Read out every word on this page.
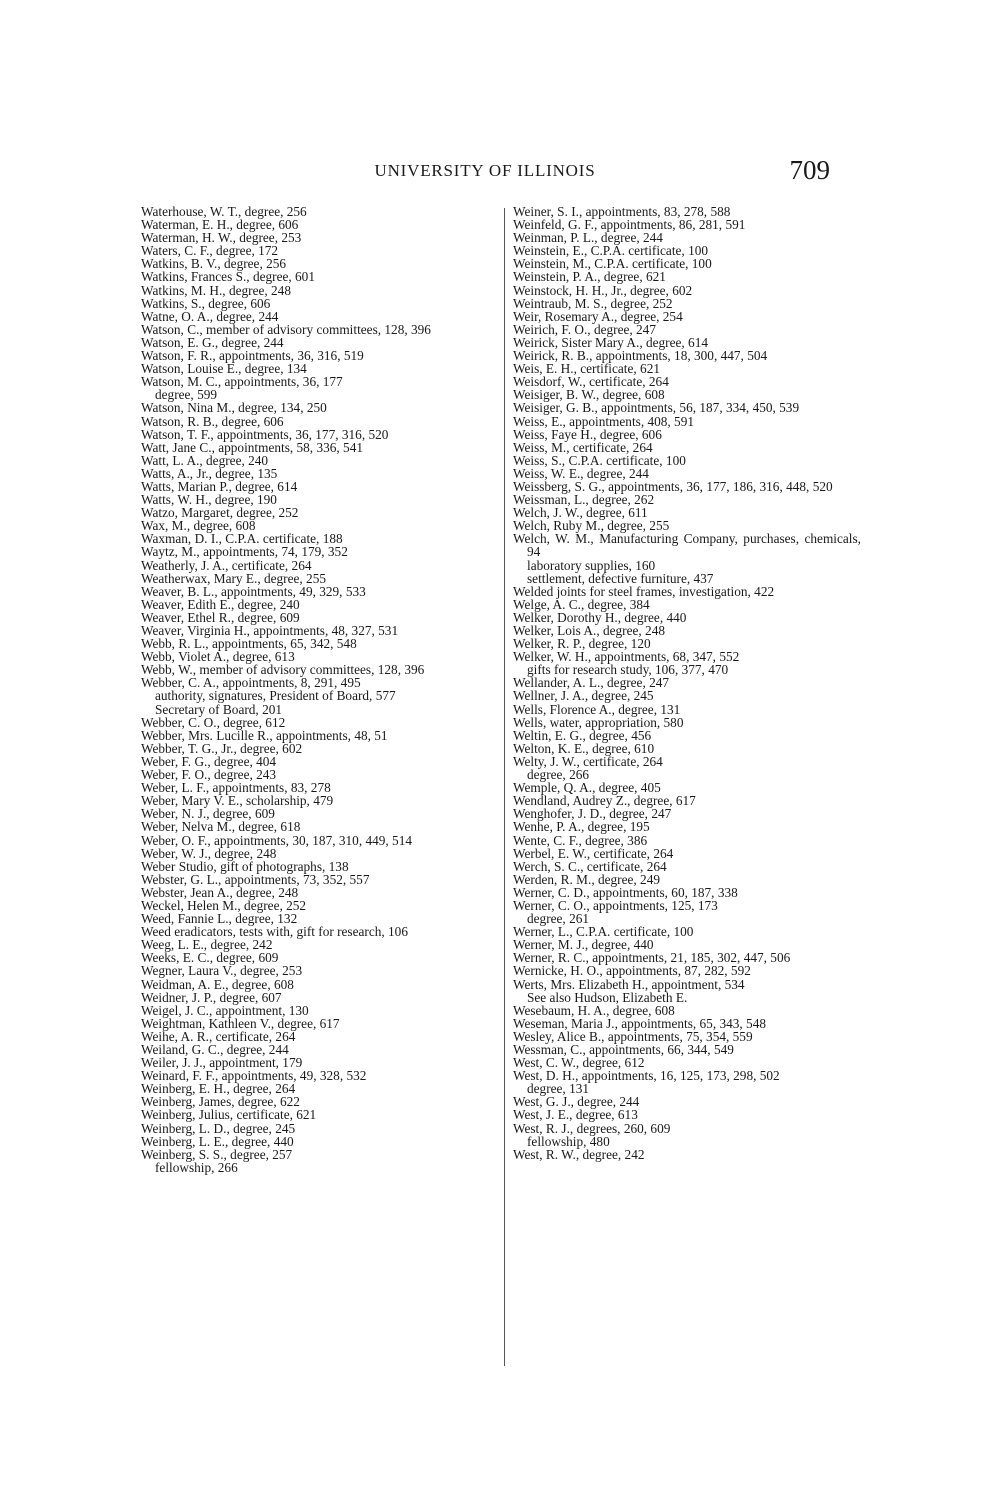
UNIVERSITY OF ILLINOIS	709
Waterhouse, W. T., degree, 256
Waterman, E. H., degree, 606
Waterman, H. W., degree, 253
Waters, C. F., degree, 172
Watkins, B. V., degree, 256
Watkins, Frances S., degree, 601
Watkins, M. H., degree, 248
Watkins, S., degree, 606
Watne, O. A., degree, 244
Watson, C., member of advisory committees, 128, 396
Watson, E. G., degree, 244
Watson, F. R., appointments, 36, 316, 519
Watson, Louise E., degree, 134
Watson, M. C., appointments, 36, 177
degree, 599
Watson, Nina M., degree, 134, 250
Watson, R. B., degree, 606
Watson, T. F., appointments, 36, 177, 316, 520
Watt, Jane C., appointments, 58, 336, 541
Watt, L. A., degree, 240
Watts, A., Jr., degree, 135
Watts, Marian P., degree, 614
Watts, W. H., degree, 190
Watzo, Margaret, degree, 252
Wax, M., degree, 608
Waxman, D. I., C.P.A. certificate, 188
Waytz, M., appointments, 74, 179, 352
Weatherly, J. A., certificate, 264
Weatherwax, Mary E., degree, 255
Weaver, B. L., appointments, 49, 329, 533
Weaver, Edith E., degree, 240
Weaver, Ethel R., degree, 609
Weaver, Virginia H., appointments, 48, 327, 531
Webb, R. L., appointments, 65, 342, 548
Webb, Violet A., degree, 613
Webb, W., member of advisory committees, 128, 396
Webber, C. A., appointments, 8, 291, 495
authority, signatures, President of Board, 577
Secretary of Board, 201
Webber, C. O., degree, 612
Webber, Mrs. Lucille R., appointments, 48, 51
Webber, T. G., Jr., degree, 602
Weber, F. G., degree, 404
Weber, F. O., degree, 243
Weber, L. F., appointments, 83, 278
Weber, Mary V. E., scholarship, 479
Weber, N. J., degree, 609
Weber, Nelva M., degree, 618
Weber, O. F., appointments, 30, 187, 310, 449, 514
Weber, W. J., degree, 248
Weber Studio, gift of photographs, 138
Webster, G. L., appointments, 73, 352, 557
Webster, Jean A., degree, 248
Weckel, Helen M., degree, 252
Weed, Fannie L., degree, 132
Weed eradicators, tests with, gift for research, 106
Weeg, L. E., degree, 242
Weeks, E. C., degree, 609
Wegner, Laura V., degree, 253
Weidman, A. E., degree, 608
Weidner, J. P., degree, 607
Weigel, J. C., appointment, 130
Weightman, Kathleen V., degree, 617
Weihe, A. R., certificate, 264
Weiland, G. C., degree, 244
Weiler, J. J., appointment, 179
Weinard, F. F., appointments, 49, 328, 532
Weinberg, E. H., degree, 264
Weinberg, James, degree, 622
Weinberg, Julius, certificate, 621
Weinberg, L. D., degree, 245
Weinberg, L. E., degree, 440
Weinberg, S. S., degree, 257
fellowship, 266
Weiner, S. I., appointments, 83, 278, 588
Weinfeld, G. F., appointments, 86, 281, 591
Weinman, P. L., degree, 244
Weinstein, E., C.P.A. certificate, 100
Weinstein, M., C.P.A. certificate, 100
Weinstein, P. A., degree, 621
Weinstock, H. H., Jr., degree, 602
Weintraub, M. S., degree, 252
Weir, Rosemary A., degree, 254
Weirich, F. O., degree, 247
Weirick, Sister Mary A., degree, 614
Weirick, R. B., appointments, 18, 300, 447, 504
Weis, E. H., certificate, 621
Weisdorf, W., certificate, 264
Weisiger, B. W., degree, 608
Weisiger, G. B., appointments, 56, 187, 334, 450, 539
Weiss, E., appointments, 408, 591
Weiss, Faye H., degree, 606
Weiss, M., certificate, 264
Weiss, S., C.P.A. certificate, 100
Weiss, W. E., degree, 244
Weissberg, S. G., appointments, 36, 177, 186, 316, 448, 520
Weissman, L., degree, 262
Welch, J. W., degree, 611
Welch, Ruby M., degree, 255
Welch, W. M., Manufacturing Company, purchases, chemicals, 94
laboratory supplies, 160
settlement, defective furniture, 437
Welded joints for steel frames, investigation, 422
Welge, A. C., degree, 384
Welker, Dorothy H., degree, 440
Welker, Lois A., degree, 248
Welker, R. P., degree, 120
Welker, W. H., appointments, 68, 347, 552
gifts for research study, 106, 377, 470
Wellander, A. L., degree, 247
Wellner, J. A., degree, 245
Wells, Florence A., degree, 131
Wells, water, appropriation, 580
Weltin, E. G., degree, 456
Welton, K. E., degree, 610
Welty, J. W., certificate, 264
degree, 266
Wemple, Q. A., degree, 405
Wendland, Audrey Z., degree, 617
Wenghofer, J. D., degree, 247
Wenhe, P. A., degree, 195
Wente, C. F., degree, 386
Werbel, E. W., certificate, 264
Werch, S. C., certificate, 264
Werden, R. M., degree, 249
Werner, C. D., appointments, 60, 187, 338
Werner, C. O., appointments, 125, 173
degree, 261
Werner, L., C.P.A. certificate, 100
Werner, M. J., degree, 440
Werner, R. C., appointments, 21, 185, 302, 447, 506
Wernicke, H. O., appointments, 87, 282, 592
Werts, Mrs. Elizabeth H., appointment, 534
See also Hudson, Elizabeth E.
Wesebaum, H. A., degree, 608
Weseman, Maria J., appointments, 65, 343, 548
Wesley, Alice B., appointments, 75, 354, 559
Wessman, C., appointments, 66, 344, 549
West, C. W., degree, 612
West, D. H., appointments, 16, 125, 173, 298, 502
degree, 131
West, G. J., degree, 244
West, J. E., degree, 613
West, R. J., degrees, 260, 609
fellowship, 480
West, R. W., degree, 242
